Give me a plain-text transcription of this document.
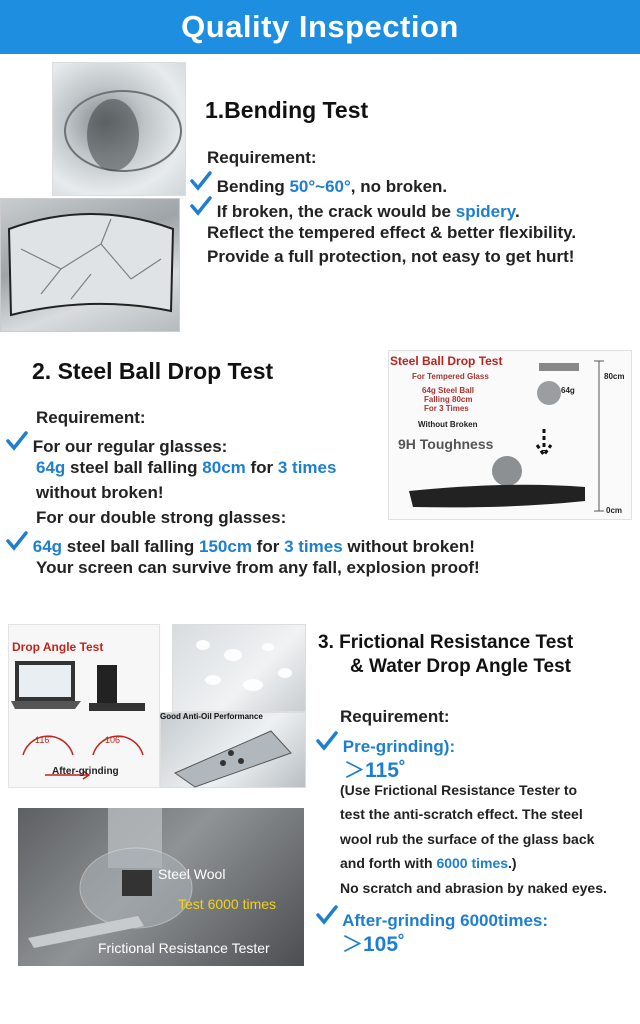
Quality Inspection
1.Bending Test
Requirement:
Bending 50°~60°, no broken.
If broken, the crack would be spidery.
Reflect the tempered effect & better flexibility.
Provide a full protection, not easy to get hurt!
2. Steel Ball Drop Test	Steel Ball Drop Test
For Tempered Glass
64g Steel Ball
Falling 80cm
For 3 Times
64g
80cm
0cm
Without Broken
9H Toughness
Requirement:
For our regular glasses:
64g steel ball falling 80cm for 3 times
without broken!
For our double strong glasses:
64g steel ball falling 150cm for 3 times without broken!
Your screen can survive from any fall, explosion proof!
116˚	106˚
Drop Angle Test
After-grinding
Good Anti-Oil Performance
Steel Wool
Test 6000 times
Frictional Resistance Tester
3. Frictional Resistance Test
& Water Drop Angle Test
Requirement:
Pre-grinding):
＞115˚
(Use Frictional Resistance Tester to
test the anti-scratch effect. The steel
wool rub the surface of the glass back
and forth with 6000 times.)
No scratch and abrasion by naked eyes.
After-grinding 6000times:
＞105˚
